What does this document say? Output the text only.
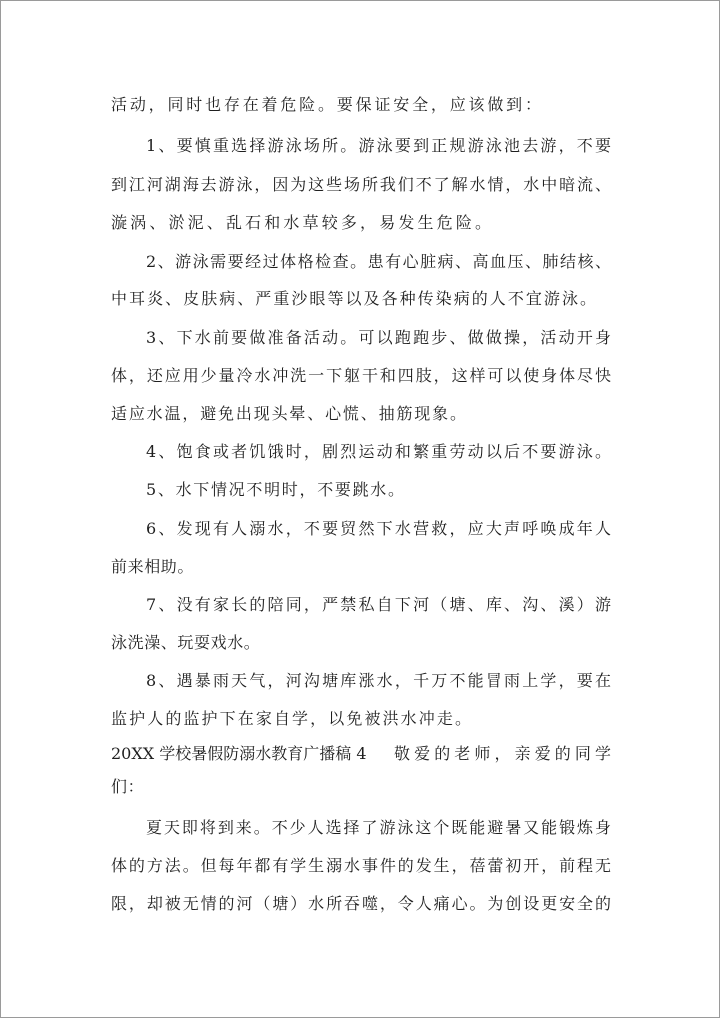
活动，同时也存在着危险。要保证安全，应该做到：
1、要慎重选择游泳场所。游泳要到正规游泳池去游，不要
到江河湖海去游泳，因为这些场所我们不了解水情，水中暗流、
漩涡、淤泥、乱石和水草较多，易发生危险。
2、游泳需要经过体格检查。患有心脏病、高血压、肺结核、
中耳炎、皮肤病、严重沙眼等以及各种传染病的人不宜游泳。
3、下水前要做准备活动。可以跑跑步、做做操，活动开身
体，还应用少量冷水冲洗一下躯干和四肢，这样可以使身体尽快
适应水温，避免出现头晕、心慌、抽筋现象。
4、饱食或者饥饿时，剧烈运动和繁重劳动以后不要游泳。
5、水下情况不明时，不要跳水。
6、发现有人溺水，不要贸然下水营救，应大声呼唤成年人
前来相助。
7、没有家长的陪同，严禁私自下河（塘、库、沟、溪）游
泳洗澡、玩耍戏水。
8、遇暴雨天气，河沟塘库涨水，千万不能冒雨上学，要在
监护人的监护下在家自学，以免被洪水冲走。
20XX 学校暑假防溺水教育广播稿 4 敬爱的老师，亲爱的同学
们：
夏天即将到来。不少人选择了游泳这个既能避暑又能锻炼身
体的方法。但每年都有学生溺水事件的发生，蓓蕾初开，前程无
限，却被无情的河（塘）水所吞噬，令人痛心。为创设更安全的
